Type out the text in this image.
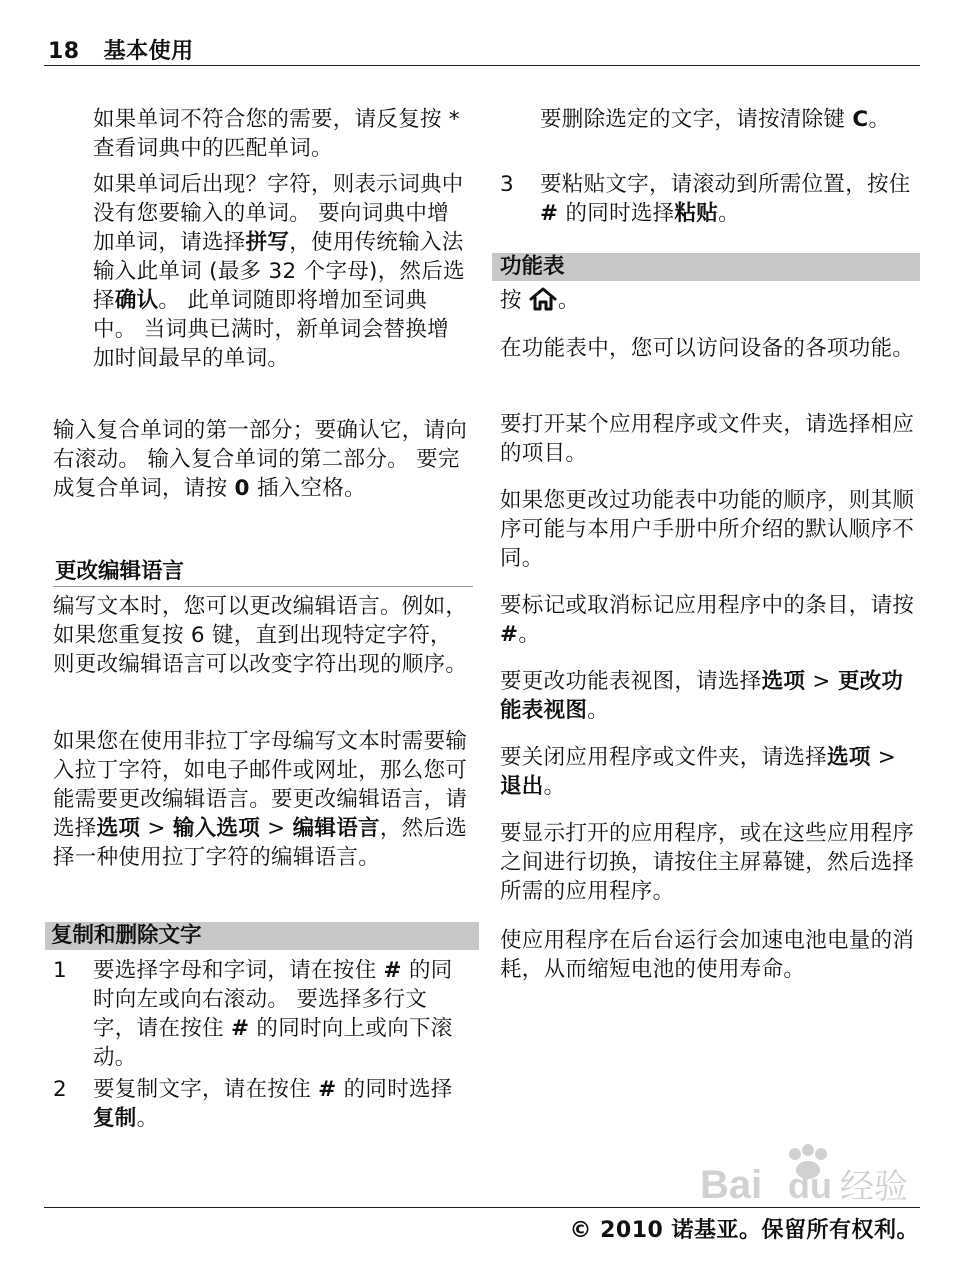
18 基本使用

如果单词不符合您的需要，请反复按 * 查看词典中的匹配单词。

如果单词后出现？字符，则表示词典中没有您要输入的单词。 要向词典中增加单词，请选择拼写，使用传统输入法输入此单词 (最多 32 个字母)，然后选择确认。 此单词随即将增加至词典中。 当词典已满时，新单词会替换增加时间最早的单词。

输入复合单词的第一部分；要确认它，请向右滚动。 输入复合单词的第二部分。 要完成复合单词，请按 0 插入空格。

更改编辑语言

编写文本时，您可以更改编辑语言。例如，如果您重复按 6 键，直到出现特定字符，则更改编辑语言可以改变字符出现的顺序。

如果您在使用非拉丁字母编写文本时需要输入拉丁字符，如电子邮件或网址，那么您可能需要更改编辑语言。要更改编辑语言，请选择选项 > 输入选项 > 编辑语言，然后选择一种使用拉丁字符的编辑语言。

复制和删除文字
1 要选择字母和字词，请在按住 # 的同时向左或向右滚动。 要选择多行文字，请在按住 # 的同时向上或向下滚动。

2 要复制文字，请在按住 # 的同时选择复制。

要删除选定的文字，请按清除键 C。

3 要粘贴文字，请滚动到所需位置，按住 # 的同时选择粘贴。

功能表

按 。

在功能表中，您可以访问设备的各项功能。

要打开某个应用程序或文件夹，请选择相应的项目。

如果您更改过功能表中功能的顺序，则其顺序可能与本用户手册中所介绍的默认顺序不同。

要标记或取消标记应用程序中的条目，请按 #。

要更改功能表视图，请选择选项 > 更改功能表视图。

要关闭应用程序或文件夹，请选择选项 > 退出。

要显示打开的应用程序，或在这些应用程序之间进行切换，请按住主屏幕键，然后选择所需的应用程序。

使应用程序在后台运行会加速电池电量的消耗，从而缩短电池的使用寿命。

Bai du 经验
© 2010 诺基亚。保留所有权利。
